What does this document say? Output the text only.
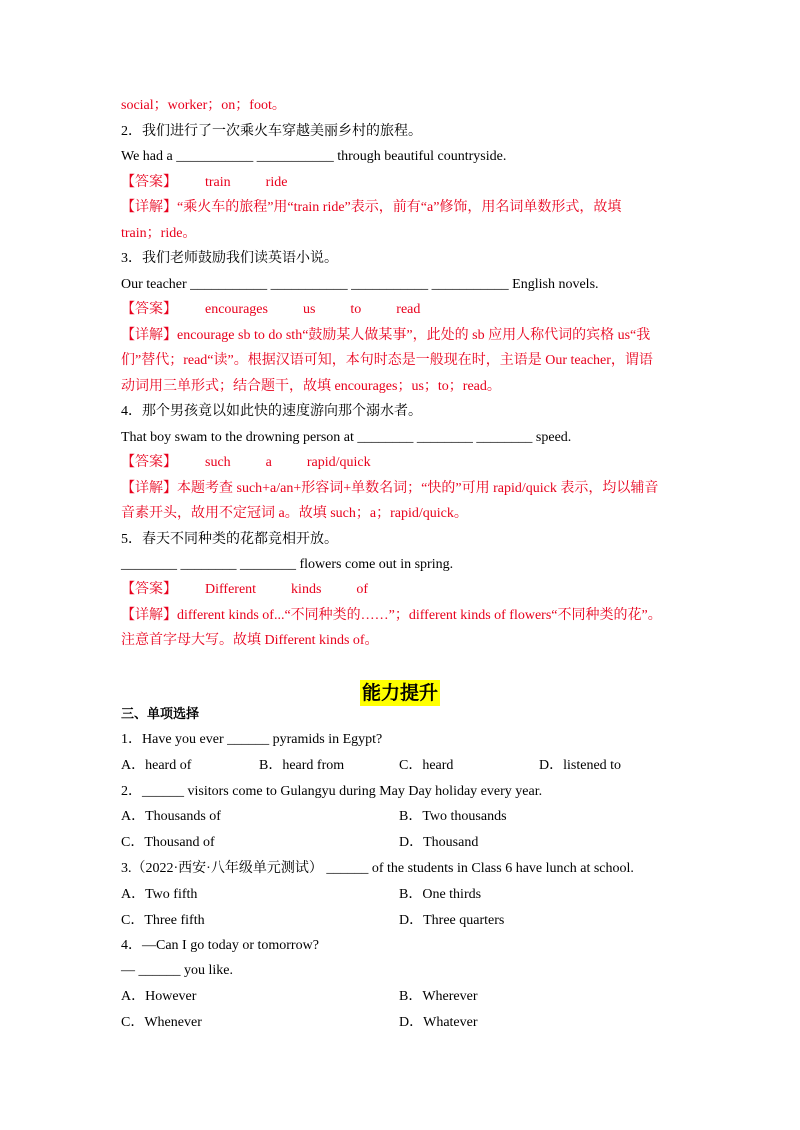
social；worker；on；foot。
2．我们进行了一次乘火车穿越美丽乡村的旅程。
We had a ___________ ___________ through beautiful countryside.
【答案】        train          ride
【详解】“乘火车的旅程”用“train ride”表示，前有“a”修饰，用名词单数形式，故填
train；ride。
3．我们老师鼓励我们读英语小说。
Our teacher ___________ ___________ ___________ ___________ English novels.
【答案】        encourages          us          to          read
【详解】encourage sb to do sth“鼓励某人做某事”，此处的 sb 应用人称代词的宾格 us“我
们”替代；read“读”。根据汉语可知，本句时态是一般现在时，主语是 Our teacher，谓语
动词用三单形式；结合题干，故填 encourages；us；to；read。
4．那个男孩竟以如此快的速度游向那个溺水者。
That boy swam to the drowning person at ________ ________ ________ speed.
【答案】        such          a          rapid/quick
【详解】本题考查 such+a/an+形容词+单数名词；“快的”可用 rapid/quick 表示，均以辅音
音素开头，故用不定冠词 a。故填 such；a；rapid/quick。
5．春天不同种类的花都竞相开放。
________ ________ ________ flowers come out in spring.
【答案】        Different          kinds          of
【详解】different kinds of...“不同种类的……”；different kinds of flowers“不同种类的花”。
注意首字母大写。故填 Different kinds of。
能力提升
三、单项选择
1．Have you ever ______ pyramids in Egypt?
A．heard of	B．heard from	C．heard	D．listened to
2．______ visitors come to Gulangyu during May Day holiday every year.
A．Thousands of	B．Two thousands
C．Thousand of	D．Thousand
3.（2022·西安·八年级单元测试） ______ of the students in Class 6 have lunch at school.
A．Two fifth	B．One thirds
C．Three fifth	D．Three quarters
4．—Can I go today or tomorrow?
— ______ you like.
A．However	B．Wherever
C．Whenever	D．Whatever
